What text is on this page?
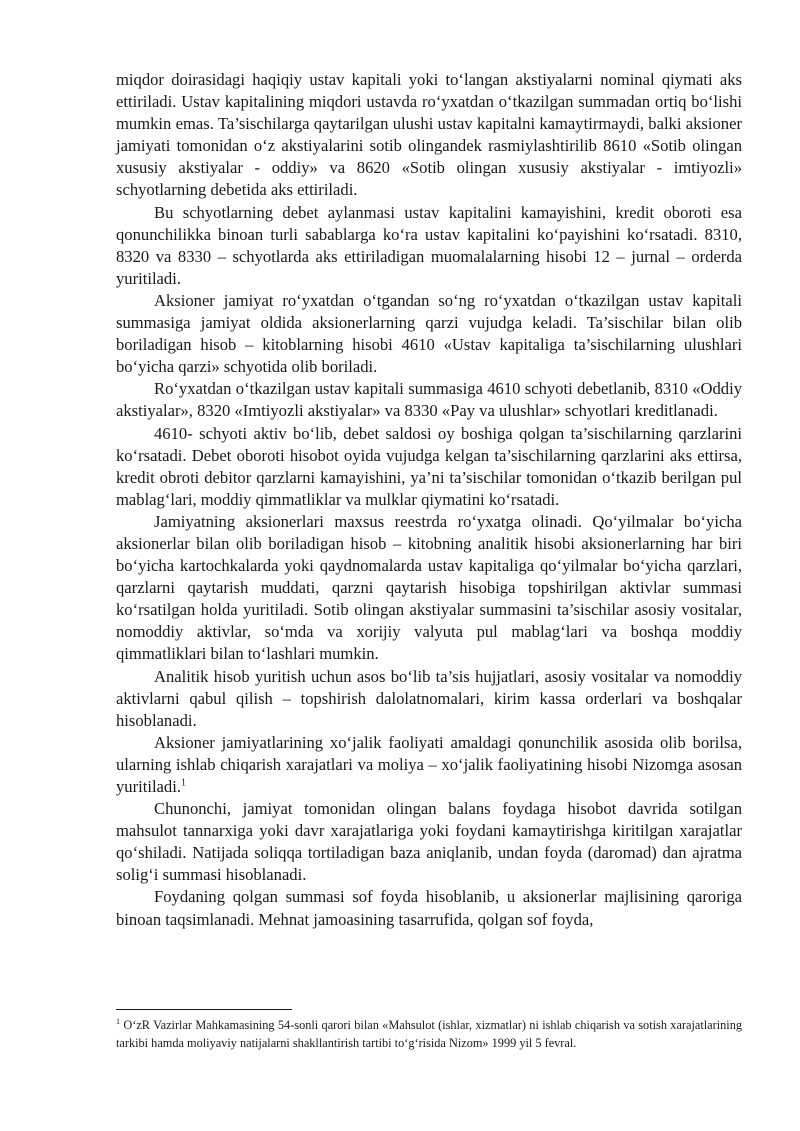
miqdor doirasidagi haqiqiy ustav kapitali yoki to‘langan akstiyalarni nominal qiymati aks ettiriladi. Ustav kapitalining miqdori ustavda ro‘yxatdan o‘tkazilgan summadan ortiq bo‘lishi mumkin emas. Ta’sischilarga qaytarilgan ulushi ustav kapitalni kamaytirmaydi, balki aksioner jamiyati tomonidan o‘z akstiyalarini sotib olingandek rasmiylashtirilib 8610 «Sotib olingan xususiy akstiyalar - oddiy» va 8620 «Sotib olingan xususiy akstiyalar - imtiyozli» schyotlarning debetida aks ettiriladi.

Bu schyotlarning debet aylanmasi ustav kapitalini kamayishini, kredit oboroti esa qonunchilikka binoan turli sabablarga ko‘ra ustav kapitalini ko‘payishini ko‘rsatadi. 8310, 8320 va 8330 – schyotlarda aks ettiriladigan muomalalarning hisobi 12 – jurnal – orderda yuritiladi.

Aksioner jamiyat ro‘yxatdan o‘tgandan so‘ng ro‘yxatdan o‘tkazilgan ustav kapitali summasiga jamiyat oldida aksionerlarning qarzi vujudga keladi. Ta’sischilar bilan olib boriladigan hisob – kitoblarning hisobi 4610 «Ustav kapitaliga ta’sischilarning ulushlari bo‘yicha qarzi» schyotida olib boriladi.

Ro‘yxatdan o‘tkazilgan ustav kapitali summasiga 4610 schyoti debetlanib, 8310 «Oddiy akstiyalar», 8320 «Imtiyozli akstiyalar» va 8330 «Pay va ulushlar» schyotlari kreditlanadi.

4610- schyoti aktiv bo‘lib, debet saldosi oy boshiga qolgan ta’sischilarning qarzlarini ko‘rsatadi. Debet oboroti hisobot oyida vujudga kelgan ta’sischilarning qarzlarini aks ettirsa, kredit obroti debitor qarzlarni kamayishini, ya’ni ta’sischilar tomonidan o‘tkazib berilgan pul mablag‘lari, moddiy qimmatliklar va mulklar qiymatini ko‘rsatadi.

Jamiyatning aksionerlari maxsus reestrda ro‘yxatga olinadi. Qo‘yilmalar bo‘yicha aksionerlar bilan olib boriladigan hisob – kitobning analitik hisobi aksionerlarning har biri bo‘yicha kartochkalarda yoki qaydnomalarda ustav kapitaliga qo‘yilmalar bo‘yicha qarzlari, qarzlarni qaytarish muddati, qarzni qaytarish hisobiga topshirilgan aktivlar summasi ko‘rsatilgan holda yuritiladi. Sotib olingan akstiyalar summasini ta’sischilar asosiy vositalar, nomoddiy aktivlar, so‘mda va xorijiy valyuta pul mablag‘lari va boshqa moddiy qimmatliklari bilan to‘lashlari mumkin.

Analitik hisob yuritish uchun asos bo‘lib ta’sis hujjatlari, asosiy vositalar va nomoddiy aktivlarni qabul qilish – topshirish dalolatnomalari, kirim kassa orderlari va boshqalar hisoblanadi.

Aksioner jamiyatlarining xo‘jalik faoliyati amaldagi qonunchilik asosida olib borilsa, ularning ishlab chiqarish xarajatlari va moliya – xo‘jalik faoliyatining hisobi Nizomga asosan yuritiladi.$^1$

Chunonchi, jamiyat tomonidan olingan balans foydaga hisobot davrida sotilgan mahsulot tannarxiga yoki davr xarajatlariga yoki foydani kamaytirishga kiritilgan xarajatlar qo‘shiladi. Natijada soliqqa tortiladigan baza aniqlanib, undan foyda (daromad) dan ajratma solig‘i summasi hisoblanadi.

Foydaning qolgan summasi sof foyda hisoblanib, u aksionerlar majlisining qaroriga binoan taqsimlanadi. Mehnat jamoasining tasarrufida, qolgan sof foyda,

$^1$ O‘zR Vazirlar Mahkamasining 54-sonli qarori bilan «Mahsulot (ishlar, xizmatlar) ni ishlab chiqarish va sotish xarajatlarining tarkibi hamda moliyaviy natijalarni shakllantirish tartibi to‘g‘risida Nizom» 1999 yil 5 fevral.
